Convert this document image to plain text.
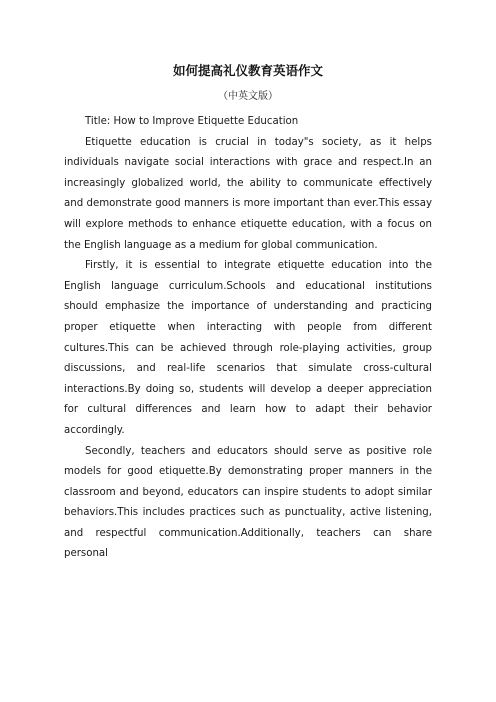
如何提高礼仪教育英语作文
（中英文版）

Title: How to Improve Etiquette Education

Etiquette education is crucial in today"s society, as it helps individuals navigate social interactions with grace and respect.In an increasingly globalized world, the ability to communicate effectively and demonstrate good manners is more important than ever.This essay will explore methods to enhance etiquette education, with a focus on the English language as a medium for global communication.

Firstly, it is essential to integrate etiquette education into the English language curriculum.Schools and educational institutions should emphasize the importance of understanding and practicing proper etiquette when interacting with people from different cultures.This can be achieved through role-playing activities, group discussions, and real-life scenarios that simulate cross-cultural interactions.By doing so, students will develop a deeper appreciation for cultural differences and learn how to adapt their behavior accordingly.

Secondly, teachers and educators should serve as positive role models for good etiquette.By demonstrating proper manners in the classroom and beyond, educators can inspire students to adopt similar behaviors.This includes practices such as punctuality, active listening, and respectful communication.Additionally, teachers can share personal
